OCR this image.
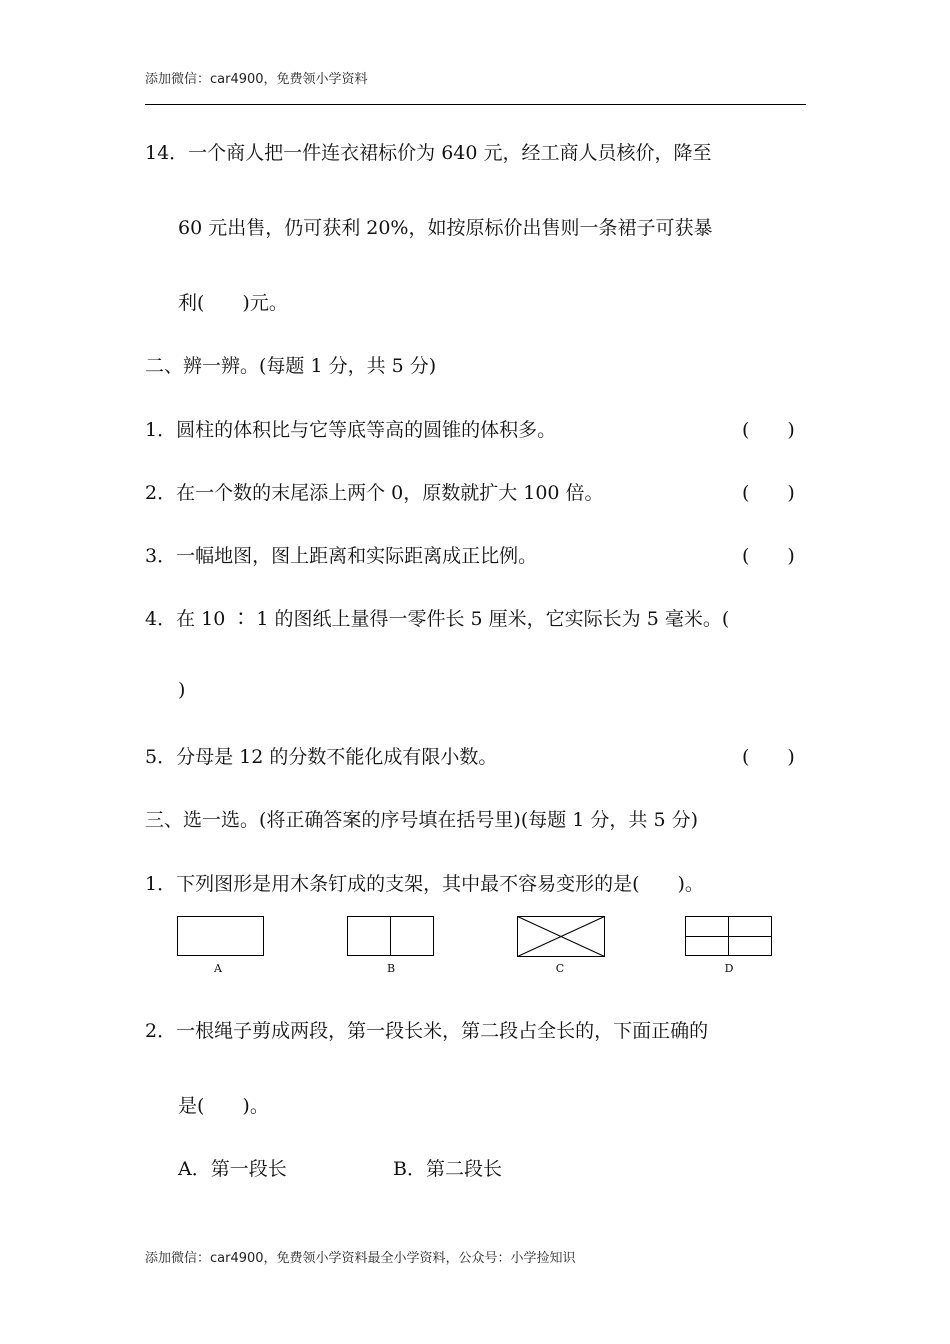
添加微信：car4900，免费领小学资料
14．一个商人把一件连衣裙标价为 640 元，经工商人员核价，降至
60 元出售，仍可获利 20%，如按原标价出售则一条裙子可获暴
利(　　)元。
二、辨一辨。(每题 1 分，共 5 分)
1．圆柱的体积比与它等底等高的圆锥的体积多。	(　　)
2．在一个数的末尾添上两个 0，原数就扩大 100 倍。	(　　)
3．一幅地图，图上距离和实际距离成正比例。	(　　)
4．在 10 ∶ 1 的图纸上量得一零件长 5 厘米，它实际长为 5 毫米。(
)
5．分母是 12 的分数不能化成有限小数。	(　　)
三、选一选。(将正确答案的序号填在括号里)(每题 1 分，共 5 分)
1．下列图形是用木条钉成的支架，其中最不容易变形的是(　　)。
A	B	C	D
2．一根绳子剪成两段，第一段长米，第二段占全长的，下面正确的
是(　　)。
A．第一段长	B．第二段长
添加微信：car4900，免费领小学资料最全小学资料，公众号：小学捡知识
